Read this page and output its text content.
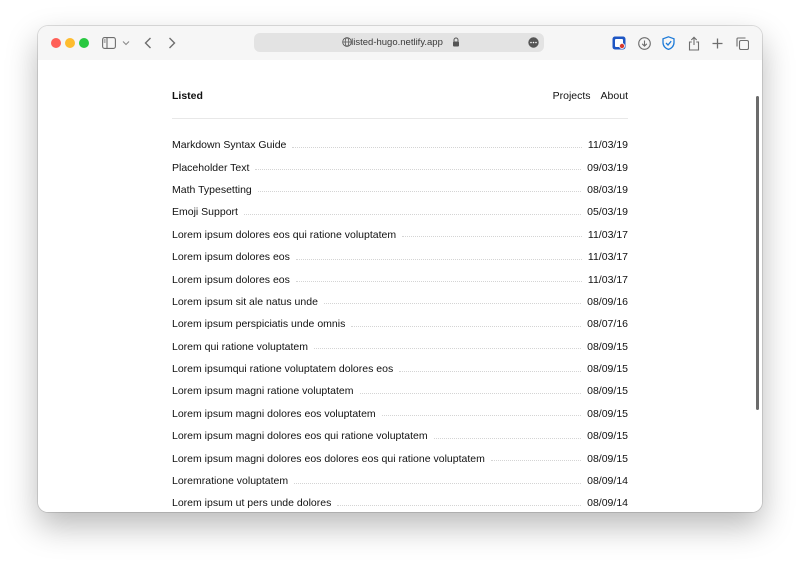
listed-hugo.netlify.app
Listed	Projects About
Markdown Syntax Guide	11/03/19
Placeholder Text	09/03/19
Math Typesetting	08/03/19
Emoji Support	05/03/19
Lorem ipsum dolores eos qui ratione voluptatem	11/03/17
Lorem ipsum dolores eos	11/03/17
Lorem ipsum dolores eos	11/03/17
Lorem ipsum sit ale natus unde	08/09/16
Lorem ipsum perspiciatis unde omnis	08/07/16
Lorem qui ratione voluptatem	08/09/15
Lorem ipsumqui ratione voluptatem dolores eos	08/09/15
Lorem ipsum magni ratione voluptatem	08/09/15
Lorem ipsum magni dolores eos voluptatem	08/09/15
Lorem ipsum magni dolores eos qui ratione voluptatem	08/09/15
Lorem ipsum magni dolores eos dolores eos qui ratione voluptatem	08/09/15
Loremratione voluptatem	08/09/14
Lorem ipsum ut pers unde dolores	08/09/14
